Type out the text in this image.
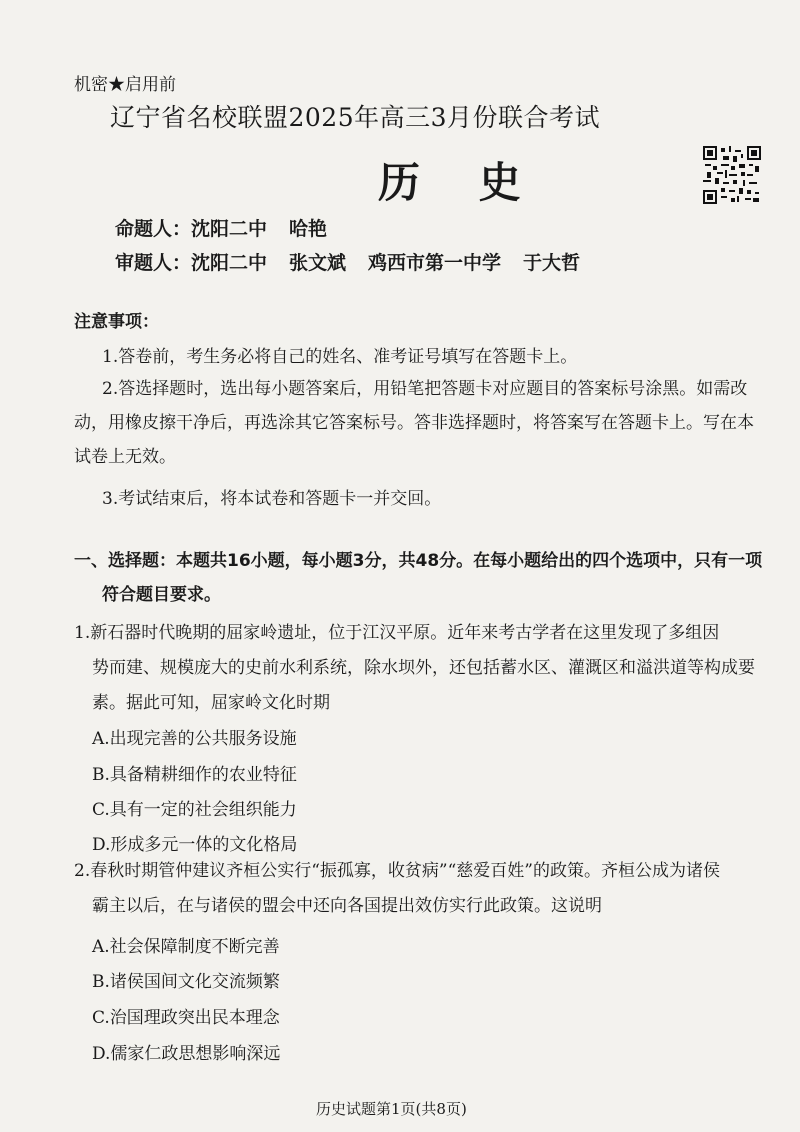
机密★启用前
辽宁省名校联盟2025年高三3月份联合考试
历 史
命题人：沈阳二中 哈艳
审题人：沈阳二中 张文斌 鸡西市第一中学 于大哲
注意事项：
1.答卷前，考生务必将自己的姓名、准考证号填写在答题卡上。
2.答选择题时，选出每小题答案后，用铅笔把答题卡对应题目的答案标号涂黑。如需改动，用橡皮擦干净后，再选涂其它答案标号。答非选择题时，将答案写在答题卡上。写在本试卷上无效。
3.考试结束后，将本试卷和答题卡一并交回。
一、选择题：本题共16小题，每小题3分，共48分。在每小题给出的四个选项中，只有一项
符合题目要求。
1.新石器时代晚期的屈家岭遗址，位于江汉平原。近年来考古学者在这里发现了多组因
势而建、规模庞大的史前水利系统，除水坝外，还包括蓄水区、灌溉区和溢洪道等构成要
素。据此可知，屈家岭文化时期
A.出现完善的公共服务设施
B.具备精耕细作的农业特征
C.具有一定的社会组织能力
D.形成多元一体的文化格局
2.春秋时期管仲建议齐桓公实行“振孤寡，收贫病”“慈爱百姓”的政策。齐桓公成为诸侯
霸主以后，在与诸侯的盟会中还向各国提出效仿实行此政策。这说明
A.社会保障制度不断完善
B.诸侯国间文化交流频繁
C.治国理政突出民本理念
D.儒家仁政思想影响深远
历史试题第1页(共8页)
